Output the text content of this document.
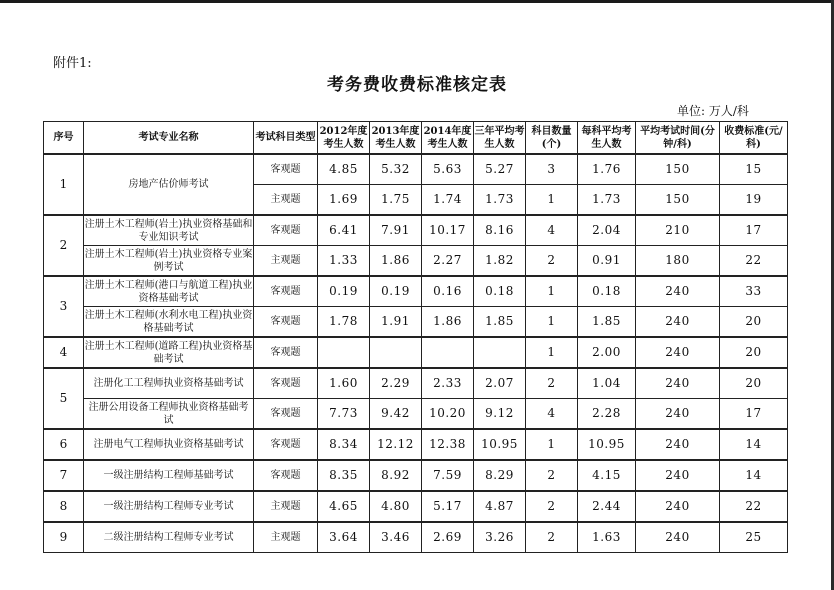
附件1:
考务费收费标准核定表
单位: 万人/科
序号	考试专业名称	考试科目类型	2012年度考生人数	2013年度考生人数	2014年度考生人数	三年平均考生人数	科目数量(个)	每科平均考生人数	平均考试时间(分钟/科)	收费标准(元/科)
1	房地产估价师考试	客观题	4.85	5.32	5.63	5.27	3	1.76	150	15
		主观题	1.69	1.75	1.74	1.73	1	1.73	150	19
2	注册土木工程师(岩土)执业资格基础和专业知识考试	客观题	6.41	7.91	10.17	8.16	4	2.04	210	17
	注册土木工程师(岩土)执业资格专业案例考试	主观题	1.33	1.86	2.27	1.82	2	0.91	180	22
3	注册土木工程师(港口与航道工程)执业资格基础考试	客观题	0.19	0.19	0.16	0.18	1	0.18	240	33
	注册土木工程师(水利水电工程)执业资格基础考试	客观题	1.78	1.91	1.86	1.85	1	1.85	240	20
4	注册土木工程师(道路工程)执业资格基础考试	客观题					1	2.00	240	20
5	注册化工工程师执业资格基础考试	客观题	1.60	2.29	2.33	2.07	2	1.04	240	20
	注册公用设备工程师执业资格基础考试	客观题	7.73	9.42	10.20	9.12	4	2.28	240	17
6	注册电气工程师执业资格基础考试	客观题	8.34	12.12	12.38	10.95	1	10.95	240	14
7	一级注册结构工程师基础考试	客观题	8.35	8.92	7.59	8.29	2	4.15	240	14
8	一级注册结构工程师专业考试	主观题	4.65	4.80	5.17	4.87	2	2.44	240	22
9	二级注册结构工程师专业考试	主观题	3.64	3.46	2.69	3.26	2	1.63	240	25
